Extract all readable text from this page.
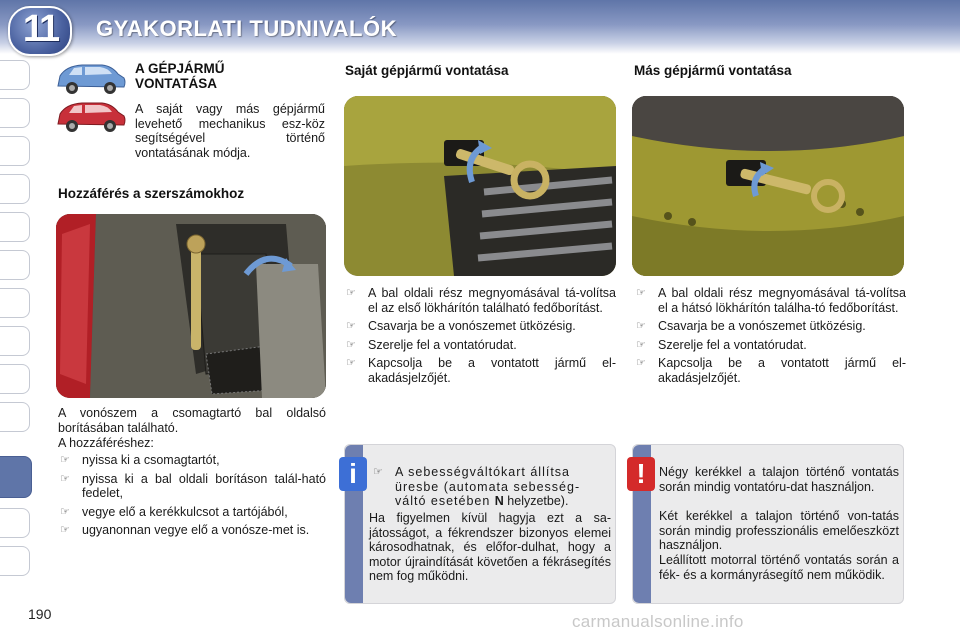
11	GYAKORLATI TUDNIVALÓK
A GÉPJÁRMŰ VONTATÁSA
A saját vagy más gépjármű levehető mechanikus esz-köz segítségével történő vontatásának módja.
Hozzáférés a szerszámokhoz
A vonószem a csomagtartó bal oldalsó borításában található.
A hozzáféréshez:
☞ nyissa ki a csomagtartót,
☞ nyissa ki a bal oldali borításon talál-ható fedelet,
☞ vegye elő a kerékkulcsot a tartójából,
☞ ugyanonnan vegye elő a vonósze-met is.
Saját gépjármű vontatása
☞ A bal oldali rész megnyomásával tá-volítsa el az első lökhárítón található fedőborítást.
☞ Csavarja be a vonószemet ütközésig.
☞ Szerelje fel a vontatórudat.
☞ Kapcsolja be a vontatott jármű el-akadásjelzőjét.
Más gépjármű vontatása
☞ A bal oldali rész megnyomásával tá-volítsa el a hátsó lökhárítón találha-tó fedőborítást.
☞ Csavarja be a vonószemet ütközésig.
☞ Szerelje fel a vontatórudat.
☞ Kapcsolja be a vontatott jármű el-akadásjelzőjét.
i	☞ A sebességváltókart állítsa üresbe (automata sebesség-váltó esetében N helyzetbe).
Ha figyelmen kívül hagyja ezt a sa-játosságot, a fékrendszer bizonyos elemei károsodhatnak, és előfor-dulhat, hogy a motor újraindítását követően a fékrásegítés nem fog működni.
!	Négy kerékkel a talajon történő vontatás során mindig vontatóru-dat használjon.
Két kerékkel a talajon történő von-tatás során mindig professzionális emelőeszközt használjon.
Leállított motorral történő vontatás során a fék- és a kormányrásegítő nem működik.
190	carmanualsonline.info
